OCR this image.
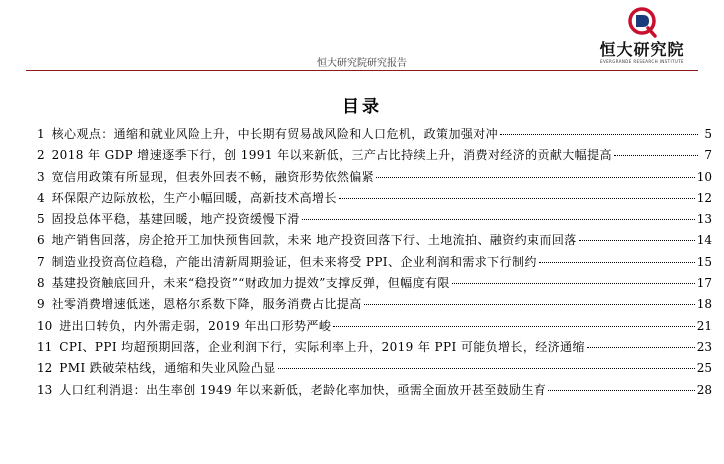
恒大研究院
EVERGRANDE RESEARCH INSTITUTE
恒大研究院研究报告
目录
1 核心观点：通缩和就业风险上升，中长期有贸易战风险和人口危机，政策加强对冲	5
2 2018 年 GDP 增速逐季下行，创 1991 年以来新低，三产占比持续上升，消费对经济的贡献大幅提高	7
3 宽信用政策有所显现，但表外回表不畅，融资形势依然偏紧	10
4 环保限产边际放松，生产小幅回暖，高新技术高增长	12
5 固投总体平稳，基建回暖，地产投资缓慢下滑	13
6 地产销售回落，房企抢开工加快预售回款，未来 地产投资回落下行、土地流拍、融资约束而回落	14
7 制造业投资高位趋稳，产能出清新周期验证，但未来将受 PPI、企业利润和需求下行制约	15
8 基建投资触底回升，未来“稳投资”“财政加力提效”支撑反弹，但幅度有限	17
9 社零消费增速低迷，恩格尔系数下降，服务消费占比提高	18
10 进出口转负，内外需走弱，2019 年出口形势严峻	21
11 CPI、PPI 均超预期回落，企业利润下行，实际利率上升，2019 年 PPI 可能负增长，经济通缩	23
12 PMI 跌破荣枯线，通缩和失业风险凸显	25
13 人口红利消退：出生率创 1949 年以来新低，老龄化率加快，亟需全面放开甚至鼓励生育	28
